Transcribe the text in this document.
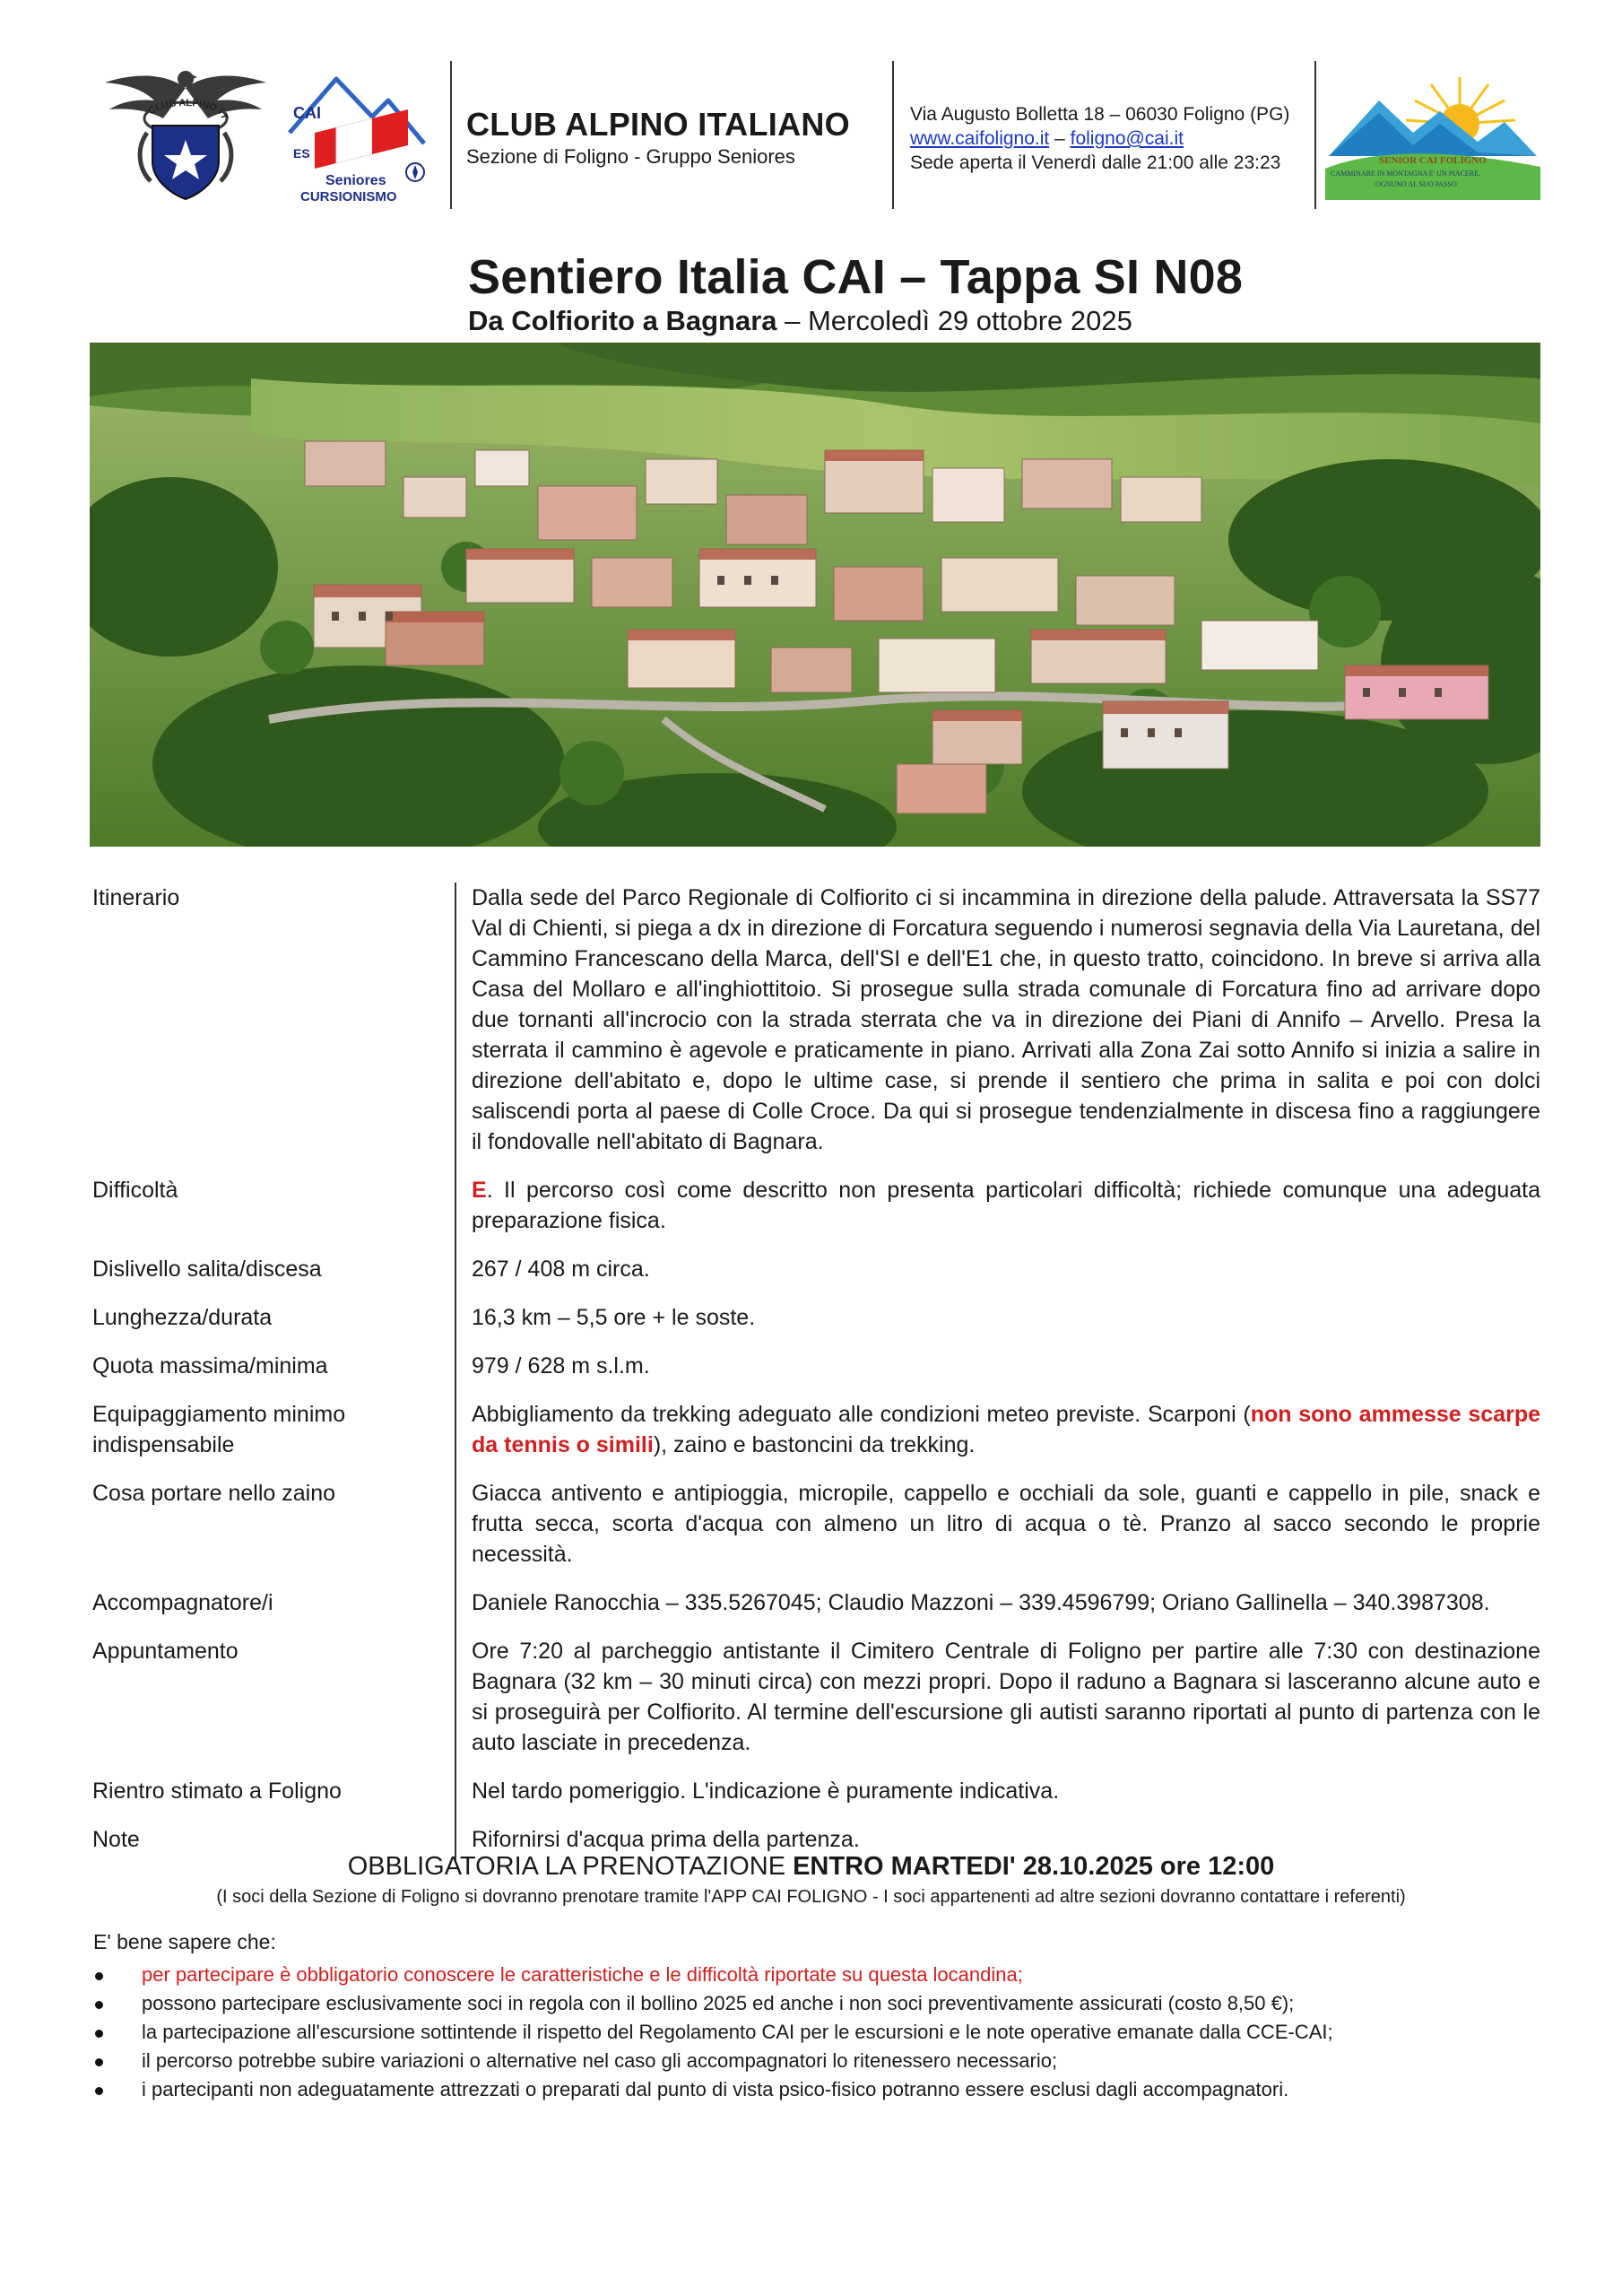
CLUB ALPINO IT	CAI
ES
Seniores
CURSIONISMO
CLUB ALPINO ITALIANO
Sezione di Foligno - Gruppo Seniores
Via Augusto Bolletta 18 – 06030 Foligno (PG)
www.caifoligno.it – foligno@cai.it
Sede aperta il Venerdì dalle 21:00 alle 23:23	SENIOR CAI FOLIGNO
CAMMINARE IN MONTAGNA E' UN PIACERE,
OGNUNO AL SUO PASSO
Sentiero Italia CAI – Tappa SI N08
Da Colfiorito a Bagnara – Mercoledì 29 ottobre 2025
Itinerario	Dalla sede del Parco Regionale di Colfiorito ci si incammina in direzione della palude. Attraversata la SS77 Val di Chienti, si piega a dx in direzione di Forcatura seguendo i numerosi segnavia della Via Lauretana, del Cammino Francescano della Marca, dell'SI e dell'E1 che, in questo tratto, coincidono. In breve si arriva alla Casa del Mollaro e all'inghiottitoio. Si prosegue sulla strada comunale di Forcatura fino ad arrivare dopo due tornanti all'incrocio con la strada sterrata che va in direzione dei Piani di Annifo – Arvello. Presa la sterrata il cammino è agevole e praticamente in piano. Arrivati alla Zona Zai sotto Annifo si inizia a salire in direzione dell'abitato e, dopo le ultime case, si prende il sentiero che prima in salita e poi con dolci saliscendi porta al paese di Colle Croce. Da qui si prosegue tendenzialmente in discesa fino a raggiungere il fondovalle nell'abitato di Bagnara.
Difficoltà	E. Il percorso così come descritto non presenta particolari difficoltà; richiede comunque una adeguata preparazione fisica.
Dislivello salita/discesa	267 / 408 m circa.
Lunghezza/durata	16,3 km – 5,5 ore + le soste.
Quota massima/minima	979 / 628 m s.l.m.
Equipaggiamento minimo
indispensabile	Abbigliamento da trekking adeguato alle condizioni meteo previste. Scarponi (non sono ammesse scarpe da tennis o simili), zaino e bastoncini da trekking.
Cosa portare nello zaino	Giacca antivento e antipioggia, micropile, cappello e occhiali da sole, guanti e cappello in pile, snack e frutta secca, scorta d'acqua con almeno un litro di acqua o tè. Pranzo al sacco secondo le proprie necessità.
Accompagnatore/i	Daniele Ranocchia – 335.5267045; Claudio Mazzoni – 339.4596799; Oriano Gallinella – 340.3987308.
Appuntamento	Ore 7:20 al parcheggio antistante il Cimitero Centrale di Foligno per partire alle 7:30 con destinazione Bagnara (32 km – 30 minuti circa) con mezzi propri. Dopo il raduno a Bagnara si lasceranno alcune auto e si proseguirà per Colfiorito. Al termine dell'escursione gli autisti saranno riportati al punto di partenza con le auto lasciate in precedenza.
Rientro stimato a Foligno	Nel tardo pomeriggio. L'indicazione è puramente indicativa.
Note	Rifornirsi d'acqua prima della partenza.
OBBLIGATORIA LA PRENOTAZIONE ENTRO MARTEDI' 28.10.2025 ore 12:00
(I soci della Sezione di Foligno si dovranno prenotare tramite l'APP CAI FOLIGNO - I soci appartenenti ad altre sezioni dovranno contattare i referenti)
E' bene sapere che:
per partecipare è obbligatorio conoscere le caratteristiche e le difficoltà riportate su questa locandina;
possono partecipare esclusivamente soci in regola con il bollino 2025 ed anche i non soci preventivamente assicurati (costo 8,50 €);
la partecipazione all'escursione sottintende il rispetto del Regolamento CAI per le escursioni e le note operative emanate dalla CCE-CAI;
il percorso potrebbe subire variazioni o alternative nel caso gli accompagnatori lo ritenessero necessario;
i partecipanti non adeguatamente attrezzati o preparati dal punto di vista psico-fisico potranno essere esclusi dagli accompagnatori.
